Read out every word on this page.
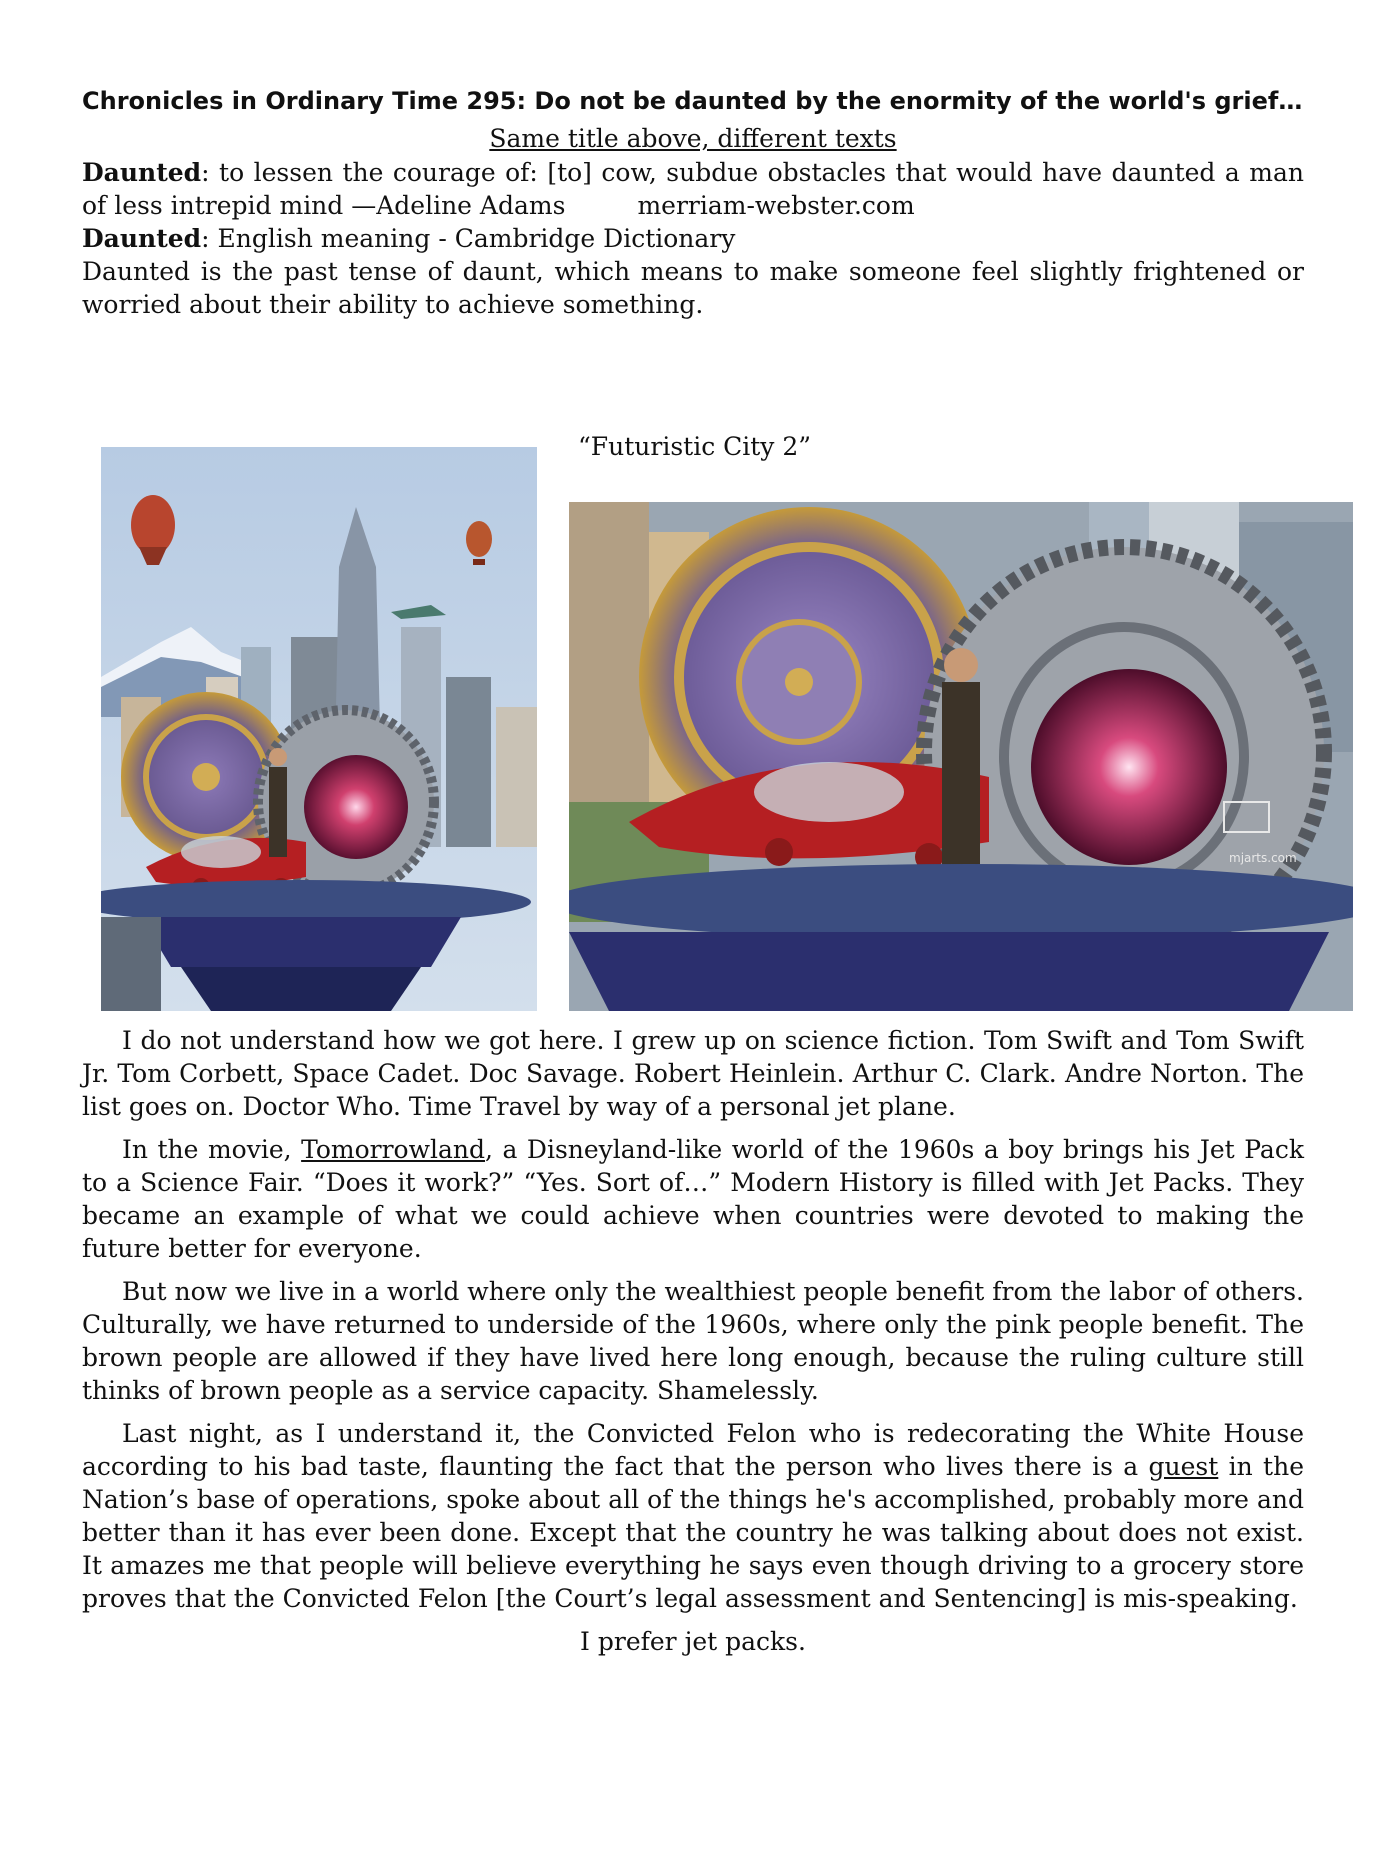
Chronicles in Ordinary Time 295: Do not be daunted by the enormity of the world's grief…

Same title above, different texts

Daunted: to lessen the courage of: [to] cow, subdue obstacles that would have daunted a man of less intrepid mind —Adeline Adams	merriam-webster.com

Daunted: English meaning - Cambridge Dictionary

Daunted is the past tense of daunt, which means to make someone feel slightly frightened or worried about their ability to achieve something.

“Futuristic City 2”
mjarts.com

I do not understand how we got here. I grew up on science fiction. Tom Swift and Tom Swift Jr. Tom Corbett, Space Cadet. Doc Savage. Robert Heinlein. Arthur C. Clark. Andre Norton. The list goes on. Doctor Who. Time Travel by way of a personal jet plane.

In the movie, Tomorrowland, a Disneyland-like world of the 1960s a boy brings his Jet Pack to a Science Fair. “Does it work?” “Yes. Sort of…” Modern History is filled with Jet Packs. They became an example of what we could achieve when countries were devoted to making the future better for everyone.

But now we live in a world where only the wealthiest people benefit from the labor of others. Culturally, we have returned to underside of the 1960s, where only the pink people benefit. The brown people are allowed if they have lived here long enough, because the ruling culture still thinks of brown people as a service capacity. Shamelessly.

Last night, as I understand it, the Convicted Felon who is redecorating the White House according to his bad taste, flaunting the fact that the person who lives there is a guest in the Nation’s base of operations, spoke about all of the things he's accomplished, probably more and better than it has ever been done. Except that the country he was talking about does not exist. It amazes me that people will believe everything he says even though driving to a grocery store proves that the Convicted Felon [the Court’s legal assessment and Sentencing] is mis-speaking.

I prefer jet packs.
